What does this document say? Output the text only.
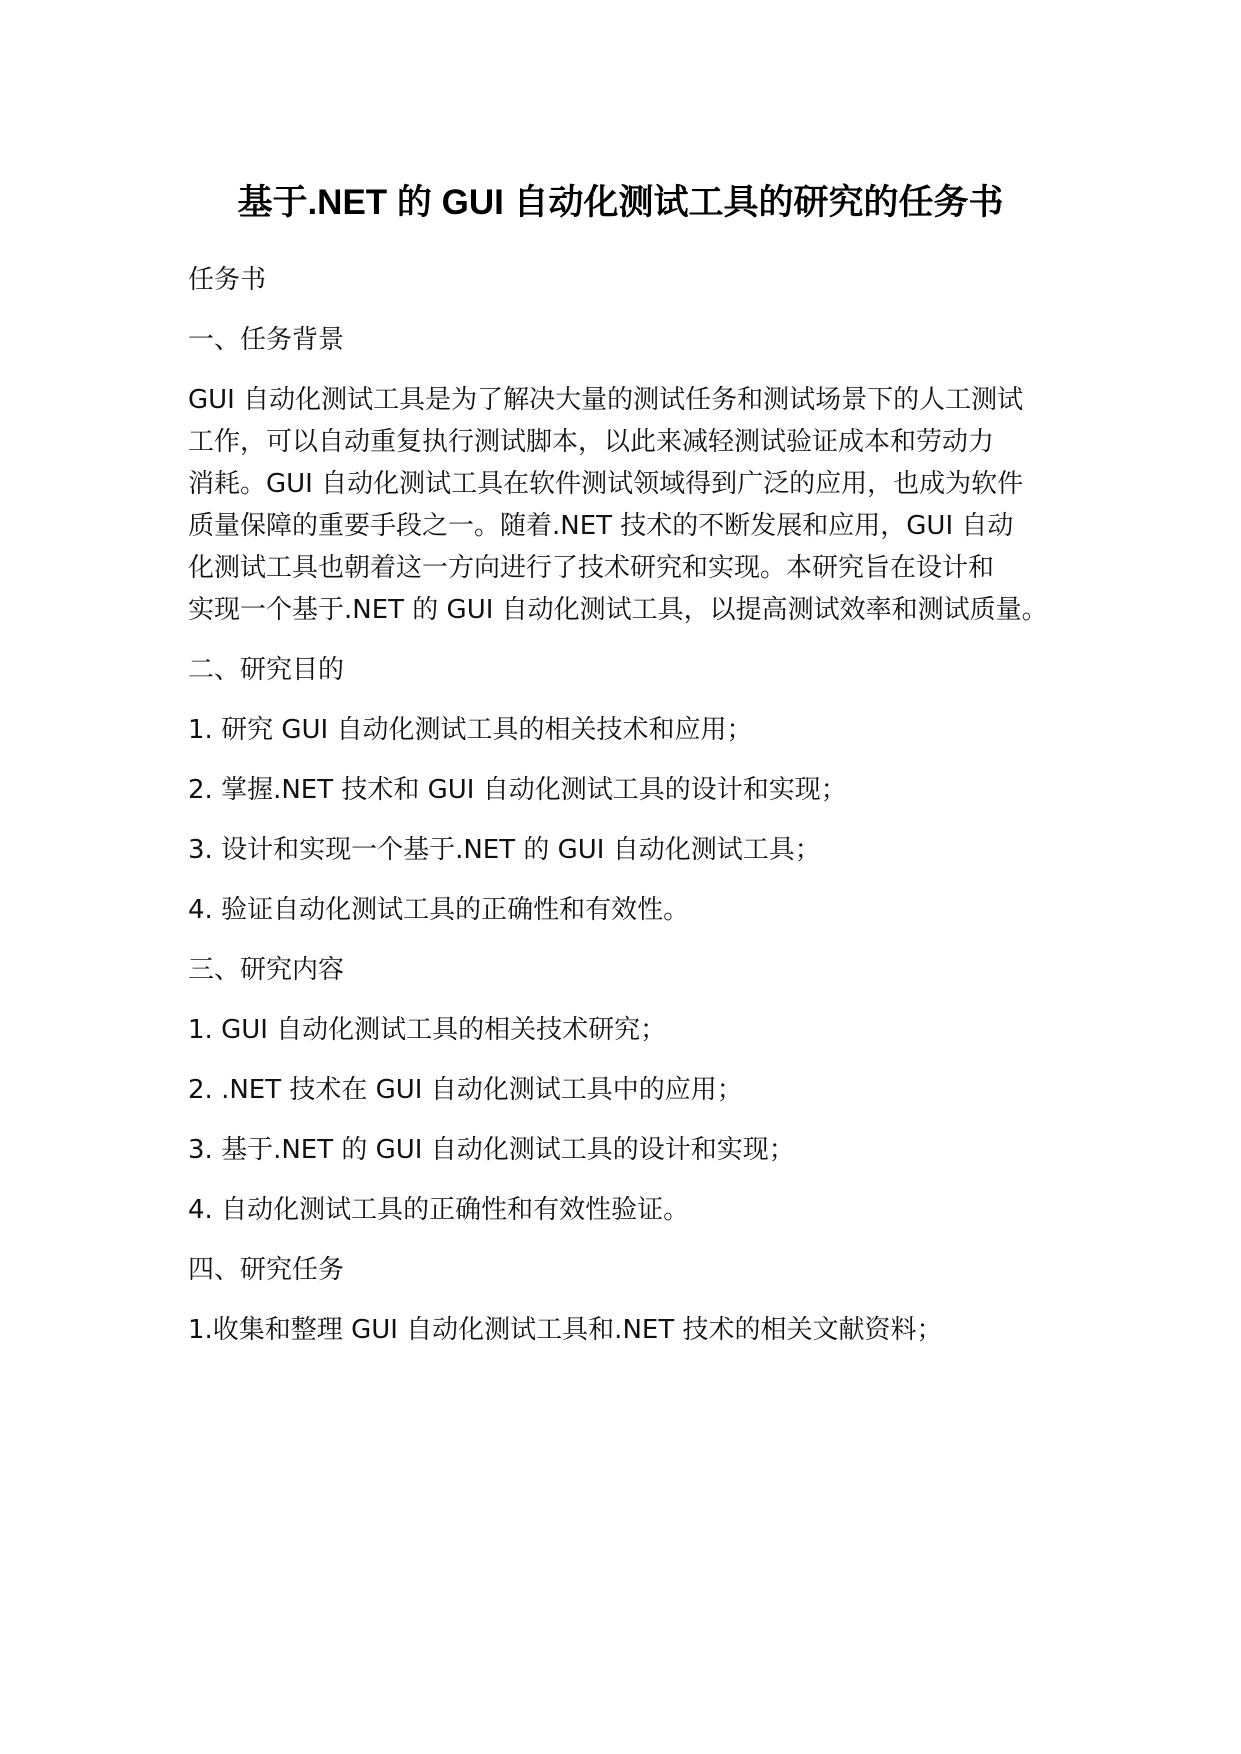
基于.NET 的 GUI 自动化测试工具的研究的任务书
任务书
一、任务背景
GUI 自动化测试工具是为了解决大量的测试任务和测试场景下的人工测试
工作，可以自动重复执行测试脚本，以此来减轻测试验证成本和劳动力
消耗。GUI 自动化测试工具在软件测试领域得到广泛的应用，也成为软件
质量保障的重要手段之一。随着.NET 技术的不断发展和应用，GUI 自动
化测试工具也朝着这一方向进行了技术研究和实现。本研究旨在设计和
实现一个基于.NET 的 GUI 自动化测试工具，以提高测试效率和测试质量。
二、研究目的
1. 研究 GUI 自动化测试工具的相关技术和应用；
2. 掌握.NET 技术和 GUI 自动化测试工具的设计和实现；
3. 设计和实现一个基于.NET 的 GUI 自动化测试工具；
4. 验证自动化测试工具的正确性和有效性。
三、研究内容
1. GUI 自动化测试工具的相关技术研究；
2. .NET 技术在 GUI 自动化测试工具中的应用；
3. 基于.NET 的 GUI 自动化测试工具的设计和实现；
4. 自动化测试工具的正确性和有效性验证。
四、研究任务
1.收集和整理 GUI 自动化测试工具和.NET 技术的相关文献资料；
